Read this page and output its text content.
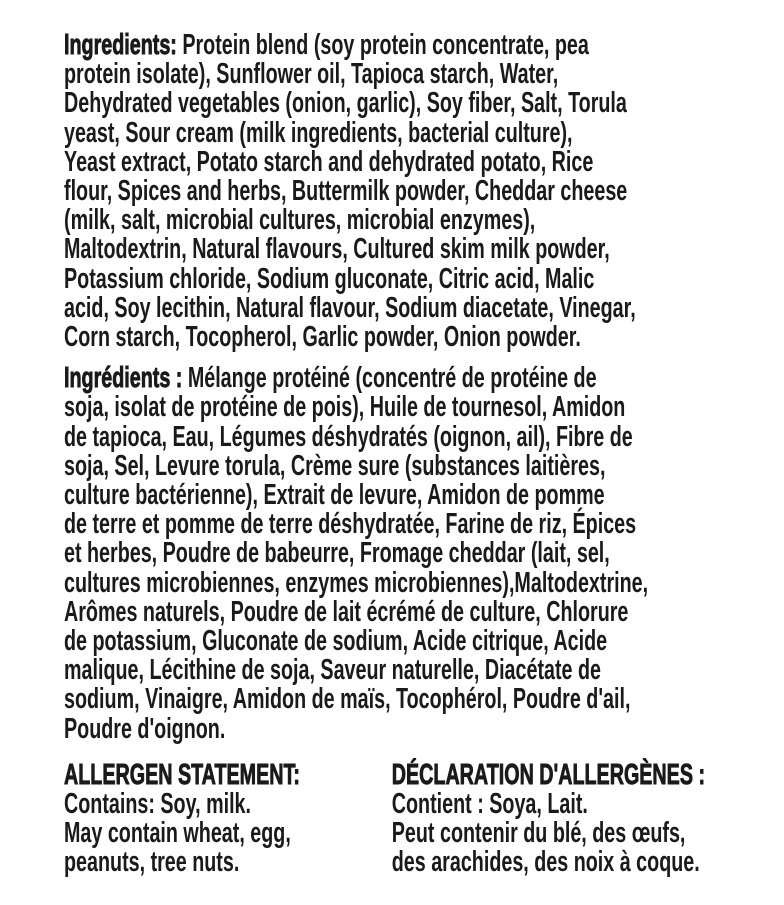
Ingredients: Protein blend (soy protein concentrate, pea
protein isolate), Sunflower oil, Tapioca starch, Water,
Dehydrated vegetables (onion, garlic), Soy fiber, Salt, Torula
yeast, Sour cream (milk ingredients, bacterial culture),
Yeast extract, Potato starch and dehydrated potato, Rice
flour, Spices and herbs, Buttermilk powder, Cheddar cheese
(milk, salt, microbial cultures, microbial enzymes),
Maltodextrin, Natural flavours, Cultured skim milk powder,
Potassium chloride, Sodium gluconate, Citric acid, Malic
acid, Soy lecithin, Natural flavour, Sodium diacetate, Vinegar,
Corn starch, Tocopherol, Garlic powder, Onion powder.
Ingrédients : Mélange protéiné (concentré de protéine de
soja, isolat de protéine de pois), Huile de tournesol, Amidon
de tapioca, Eau, Légumes déshydratés (oignon, ail), Fibre de
soja, Sel, Levure torula, Crème sure (substances laitières,
culture bactérienne), Extrait de levure, Amidon de pomme
de terre et pomme de terre déshydratée, Farine de riz, Épices
et herbes, Poudre de babeurre, Fromage cheddar (lait, sel,
cultures microbiennes, enzymes microbiennes),Maltodextrine,
Arômes naturels, Poudre de lait écrémé de culture, Chlorure
de potassium, Gluconate de sodium, Acide citrique, Acide
malique, Lécithine de soja, Saveur naturelle, Diacétate de
sodium, Vinaigre, Amidon de maïs, Tocophérol, Poudre d'ail,
Poudre d'oignon.
ALLERGEN STATEMENT:
Contains: Soy, milk.
May contain wheat, egg,
peanuts, tree nuts.
DÉCLARATION D'ALLERGÈNES :
Contient : Soya, Lait.
Peut contenir du blé, des œufs,
des arachides, des noix à coque.
